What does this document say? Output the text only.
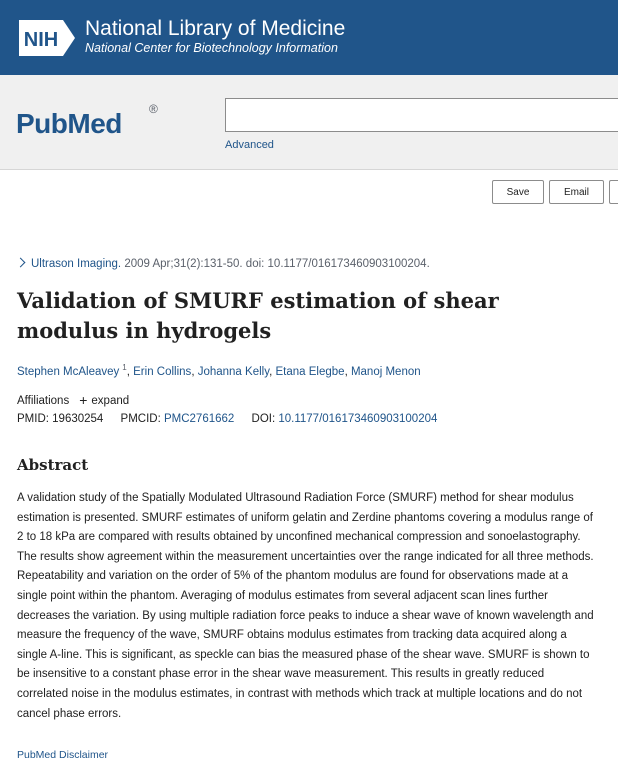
NIH National Library of Medicine
National Center for Biotechnology Information
PubMed ®
Advanced
Save	Email
Ultrason Imaging. 2009 Apr;31(2):131-50. doi: 10.1177/016173460903100204.
Validation of SMURF estimation of shear modulus in hydrogels
Stephen McAleavey $^1$, Erin Collins, Johanna Kelly, Etana Elegbe, Manoj Menon
Affiliations + expand
PMID: 19630254 PMCID: PMC2761662 DOI: 10.1177/016173460903100204
Abstract

A validation study of the Spatially Modulated Ultrasound Radiation Force (SMURF) method for shear modulus estimation is presented. SMURF estimates of uniform gelatin and Zerdine phantoms covering a modulus range of 2 to 18 kPa are compared with results obtained by unconfined mechanical compression and sonoelastography. The results show agreement within the measurement uncertainties over the range indicated for all three methods. Repeatability and variation on the order of 5% of the phantom modulus are found for observations made at a single point within the phantom. Averaging of modulus estimates from several adjacent scan lines further decreases the variation. By using multiple radiation force peaks to induce a shear wave of known wavelength and measure the frequency of the wave, SMURF obtains modulus estimates from tracking data acquired along a single A-line. This is significant, as speckle can bias the measured phase of the shear wave. SMURF is shown to be insensitive to a constant phase error in the shear wave measurement. This results in greatly reduced correlated noise in the modulus estimates, in contrast with methods which track at multiple locations and do not cancel phase errors.

PubMed Disclaimer
